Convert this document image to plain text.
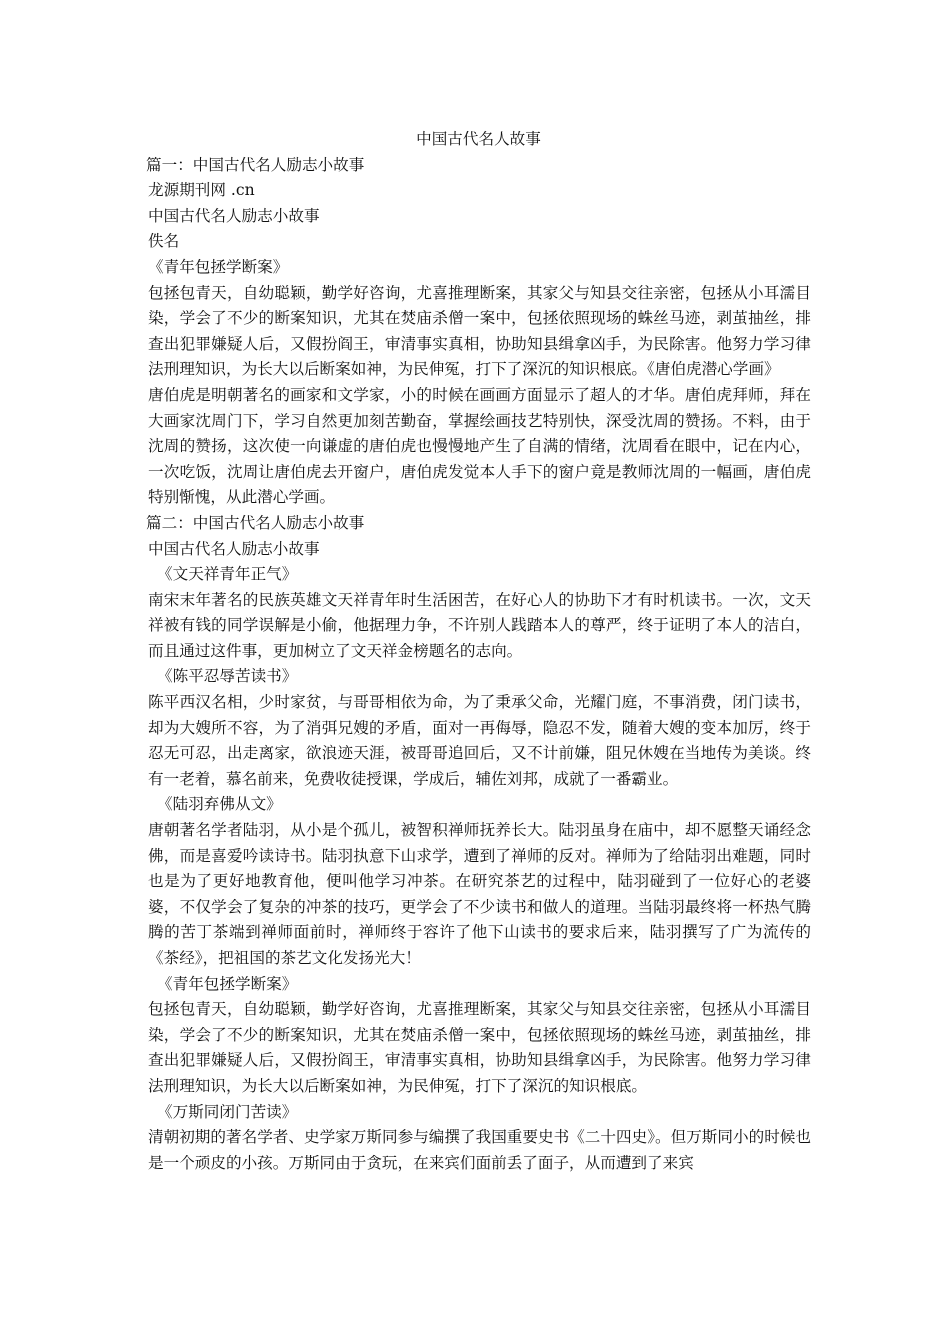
中国古代名人故事

篇一：中国古代名人励志小故事

龙源期刊网 .cn

中国古代名人励志小故事

佚名

《青年包拯学断案》

包拯包青天，自幼聪颖，勤学好咨询，尤喜推理断案，其家父与知县交往亲密，包拯从小耳濡目染，学会了不少的断案知识，尤其在焚庙杀僧一案中，包拯依照现场的蛛丝马迹，剥茧抽丝，排查出犯罪嫌疑人后，又假扮阎王，审清事实真相，协助知县缉拿凶手，为民除害。他努力学习律法刑理知识，为长大以后断案如神，为民伸冤，打下了深沉的知识根底。《唐伯虎潜心学画》

唐伯虎是明朝著名的画家和文学家，小的时候在画画方面显示了超人的才华。唐伯虎拜师，拜在大画家沈周门下，学习自然更加刻苦勤奋，掌握绘画技艺特别快，深受沈周的赞扬。不料，由于沈周的赞扬，这次使一向谦虚的唐伯虎也慢慢地产生了自满的情绪，沈周看在眼中，记在内心，一次吃饭，沈周让唐伯虎去开窗户，唐伯虎发觉本人手下的窗户竟是教师沈周的一幅画，唐伯虎特别惭愧，从此潜心学画。

篇二：中国古代名人励志小故事

中国古代名人励志小故事

《文天祥青年正气》

南宋末年著名的民族英雄文天祥青年时生活困苦，在好心人的协助下才有时机读书。一次，文天祥被有钱的同学误解是小偷，他据理力争，不许别人践踏本人的尊严，终于证明了本人的洁白，而且通过这件事，更加树立了文天祥金榜题名的志向。

《陈平忍辱苦读书》

陈平西汉名相，少时家贫，与哥哥相依为命，为了秉承父命，光耀门庭，不事消费，闭门读书，却为大嫂所不容，为了消弭兄嫂的矛盾，面对一再侮辱，隐忍不发，随着大嫂的变本加厉，终于忍无可忍，出走离家，欲浪迹天涯，被哥哥追回后，又不计前嫌，阻兄休嫂在当地传为美谈。终有一老着，慕名前来，免费收徒授课，学成后，辅佐刘邦，成就了一番霸业。

《陆羽弃佛从文》

唐朝著名学者陆羽，从小是个孤儿，被智积禅师抚养长大。陆羽虽身在庙中，却不愿整天诵经念佛，而是喜爱吟读诗书。陆羽执意下山求学，遭到了禅师的反对。禅师为了给陆羽出难题，同时也是为了更好地教育他，便叫他学习冲茶。在研究茶艺的过程中，陆羽碰到了一位好心的老婆婆，不仅学会了复杂的冲茶的技巧，更学会了不少读书和做人的道理。当陆羽最终将一杯热气腾腾的苦丁茶端到禅师面前时，禅师终于容许了他下山读书的要求后来，陆羽撰写了广为流传的《茶经》，把祖国的茶艺文化发扬光大！

《青年包拯学断案》

包拯包青天，自幼聪颖，勤学好咨询，尤喜推理断案，其家父与知县交往亲密，包拯从小耳濡目染，学会了不少的断案知识，尤其在焚庙杀僧一案中，包拯依照现场的蛛丝马迹，剥茧抽丝，排查出犯罪嫌疑人后，又假扮阎王，审清事实真相，协助知县缉拿凶手，为民除害。他努力学习律法刑理知识，为长大以后断案如神，为民伸冤，打下了深沉的知识根底。

《万斯同闭门苦读》

清朝初期的著名学者、史学家万斯同参与编撰了我国重要史书《二十四史》。但万斯同小的时候也是一个顽皮的小孩。万斯同由于贪玩，在来宾们面前丢了面子，从而遭到了来宾
